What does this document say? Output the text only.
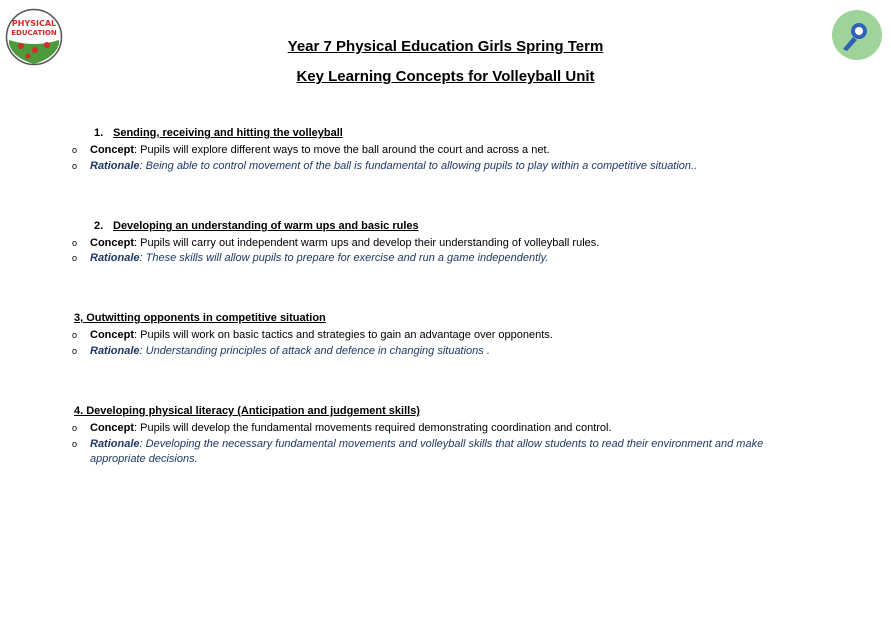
PHYSICAL
EDUCATION
Year 7 Physical Education Girls Spring Term
Key Learning Concepts for Volleyball Unit
1. Sending, receiving and hitting the volleyball
o Concept: Pupils will explore different ways to move the ball around the court and across a net.
o Rationale: Being able to control movement of the ball is fundamental to allowing pupils to play within a competitive situation..
2. Developing an understanding of warm ups and basic rules
o Concept: Pupils will carry out independent warm ups and develop their understanding of volleyball rules.
o Rationale: These skills will allow pupils to prepare for exercise and run a game independently.
3, Outwitting opponents in competitive situation
o Concept: Pupils will work on basic tactics and strategies to gain an advantage over opponents.
o Rationale: Understanding principles of attack and defence in changing situations .
4. Developing physical literacy (Anticipation and judgement skills)
o Concept: Pupils will develop the fundamental movements required demonstrating coordination and control.
o Rationale: Developing the necessary fundamental movements and volleyball skills that allow students to read their environment and make appropriate decisions.
